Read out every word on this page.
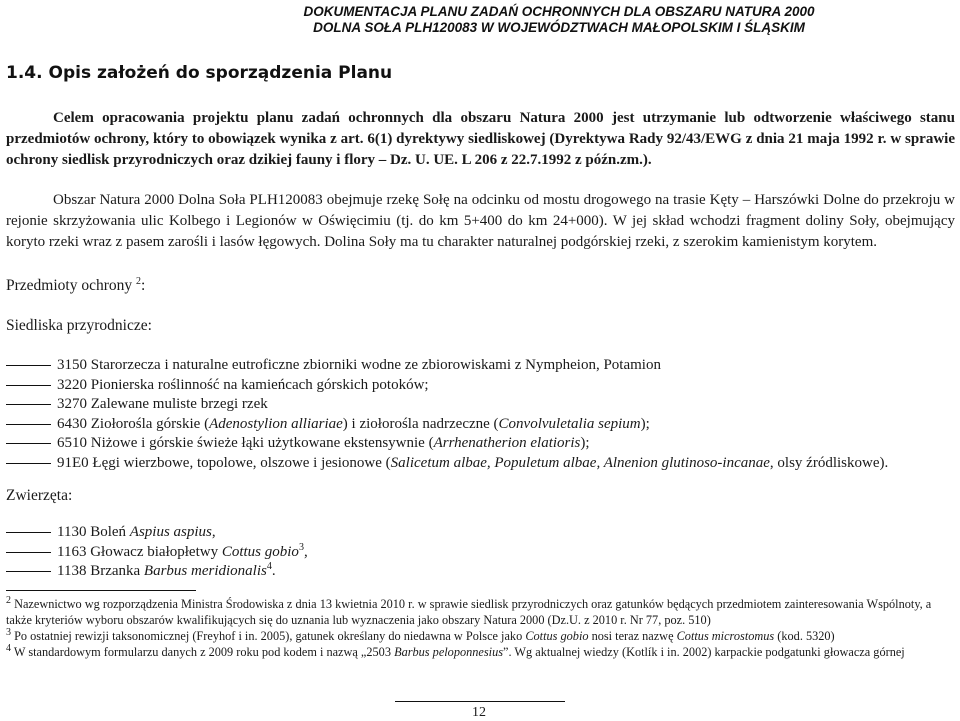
DOKUMENTACJA PLANU ZADAŃ OCHRONNYCH DLA OBSZARU NATURA 2000
DOLNA SOŁA PLH120083 W WOJEWÓDZTWACH MAŁOPOLSKIM I ŚLĄSKIM
1.4. Opis założeń do sporządzenia Planu
Celem opracowania projektu planu zadań ochronnych dla obszaru Natura 2000 jest utrzymanie lub odtworzenie właściwego stanu przedmiotów ochrony, który to obowiązek wynika z art. 6(1) dyrektywy siedliskowej (Dyrektywa Rady 92/43/EWG z dnia 21 maja 1992 r. w sprawie ochrony siedlisk przyrodniczych oraz dzikiej fauny i flory – Dz. U. UE. L 206 z 22.7.1992 z późn.zm.).
Obszar Natura 2000 Dolna Soła PLH120083 obejmuje rzekę Sołę na odcinku od mostu drogowego na trasie Kęty – Harszówki Dolne do przekroju w rejonie skrzyżowania ulic Kolbego i Legionów w Oświęcimiu (tj. do km 5+400 do km 24+000). W jej skład wchodzi fragment doliny Soły, obejmujący koryto rzeki wraz z pasem zarośli i lasów łęgowych. Dolina Soły ma tu charakter naturalnej podgórskiej rzeki, z szerokim kamienistym korytem.
Przedmioty ochrony $^2$:
Siedliska przyrodnicze:
3150 Starorzecza i naturalne eutroficzne zbiorniki wodne ze zbiorowiskami z Nympheion, Potamion
3220 Pionierska roślinność na kamieńcach górskich potoków;
3270 Zalewane muliste brzegi rzek
6430 Ziołorośla górskie (Adenostylion alliariae) i ziołorośla nadrzeczne (Convolvuletalia sepium);
6510 Niżowe i górskie świeże łąki użytkowane ekstensywnie (Arrhenatherion elatioris);
91E0 Łęgi wierzbowe, topolowe, olszowe i jesionowe (Salicetum albae, Populetum albae, Alnenion glutinoso-incanae, olsy źródliskowe).
Zwierzęta:
1130 Boleń Aspius aspius,
1163 Głowacz białopłetwy Cottus gobio$^3$,
1138 Brzanka Barbus meridionalis$^4$.
$^2$ Nazewnictwo wg rozporządzenia Ministra Środowiska z dnia 13 kwietnia 2010 r. w sprawie siedlisk przyrodniczych oraz gatunków będących przedmiotem zainteresowania Wspólnoty, a także kryteriów wyboru obszarów kwalifikujących się do uznania lub wyznaczenia jako obszary Natura 2000 (Dz.U. z 2010 r. Nr 77, poz. 510)
$^3$ Po ostatniej rewizji taksonomicznej (Freyhof i in. 2005), gatunek określany do niedawna w Polsce jako Cottus gobio nosi teraz nazwę Cottus microstomus (kod. 5320)
$^4$ W standardowym formularzu danych z 2009 roku pod kodem i nazwą „2503 Barbus peloponnesius”. Wg aktualnej wiedzy (Kotlík i in. 2002) karpackie podgatunki głowacza górnej
12
